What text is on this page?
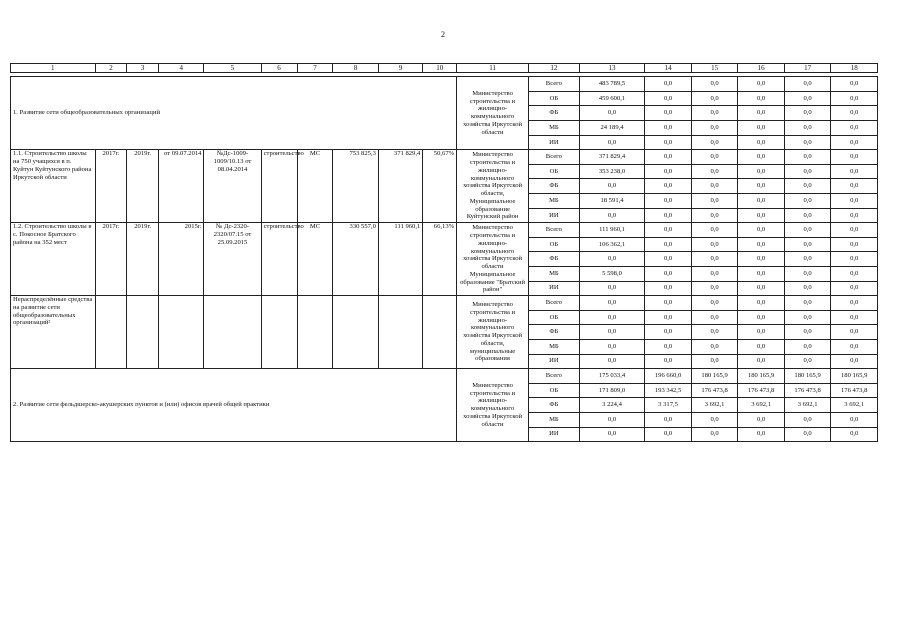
2
1	2	3	4	5	6	7	8	9	10	11	12	13	14	15	16	17	18

1. Развитие сети общеобразовательных организаций										Министерство строительства и жилищно-коммунального хозяйства Иркутской области	Всего	483 789,5	0,0	0,0	0,0	0,0	0,0
											ОБ	459 600,1	0,0	0,0	0,0	0,0	0,0
											ФБ	0,0	0,0	0,0	0,0	0,0	0,0
											МБ	24 189,4	0,0	0,0	0,0	0,0	0,0
											ИИ	0,0	0,0	0,0	0,0	0,0	0,0
1.1. Строительство школы на 750 учащихся в п. Куйтун Куйтунского района Иркутской области	2017г.	2019г.	от 09.07.2014	№Дс-1009-1009/10.13 от 08.04.2014	строительство	МС	753 825,3	371 829,4	50,67%	Министерство строительства и жилищно-коммунального хозяйства Иркутской области, Муниципальное образование Куйтунский район	Всего	371 829,4	0,0	0,0	0,0	0,0	0,0
											ОБ	353 238,0	0,0	0,0	0,0	0,0	0,0
											ФБ	0,0	0,0	0,0	0,0	0,0	0,0
											МБ	18 591,4	0,0	0,0	0,0	0,0	0,0
											ИИ	0,0	0,0	0,0	0,0	0,0	0,0
1.2. Строительство школы в с. Покосное Братского района на 352 мест	2017г.	2019г.	2015г.	№ Дс-2320-2320/07.15 от 25.09.2015	строительство	МС	330 557,0	111 960,1	66,13%	Министерство строительства и жилищно-коммунального хозяйства Иркутской области Муниципальное образование "Братский район"	Всего	111 960,1	0,0	0,0	0,0	0,0	0,0
											ОБ	106 362,1	0,0	0,0	0,0	0,0	0,0
											ФБ	0,0	0,0	0,0	0,0	0,0	0,0
											МБ	5 598,0	0,0	0,0	0,0	0,0	0,0
											ИИ	0,0	0,0	0,0	0,0	0,0	0,0
Нераспределённые средства на развитие сети общеобразовательных организаций²										Министерство строительства и жилищно-коммунального хозяйства Иркутской области, муниципальные образования	Всего	0,0	0,0	0,0	0,0	0,0	0,0
											ОБ	0,0	0,0	0,0	0,0	0,0	0,0
											ФБ	0,0	0,0	0,0	0,0	0,0	0,0
											МБ	0,0	0,0	0,0	0,0	0,0	0,0
											ИИ	0,0	0,0	0,0	0,0	0,0	0,0
2. Развитие сети фельдшерско-акушерских пунктов и (или) офисов врачей общей практики										Министерство строительства и жилищно-коммунального хозяйства Иркутской области	Всего	175 033,4	196 660,0	180 165,9	180 165,9	180 165,9	180 165,9
											ОБ	171 809,0	193 342,5	176 473,8	176 473,8	176 473,8	176 473,8
											ФБ	3 224,4	3 317,5	3 692,1	3 692,1	3 692,1	3 692,1
											МБ	0,0	0,0	0,0	0,0	0,0	0,0
											ИИ	0,0	0,0	0,0	0,0	0,0	0,0
